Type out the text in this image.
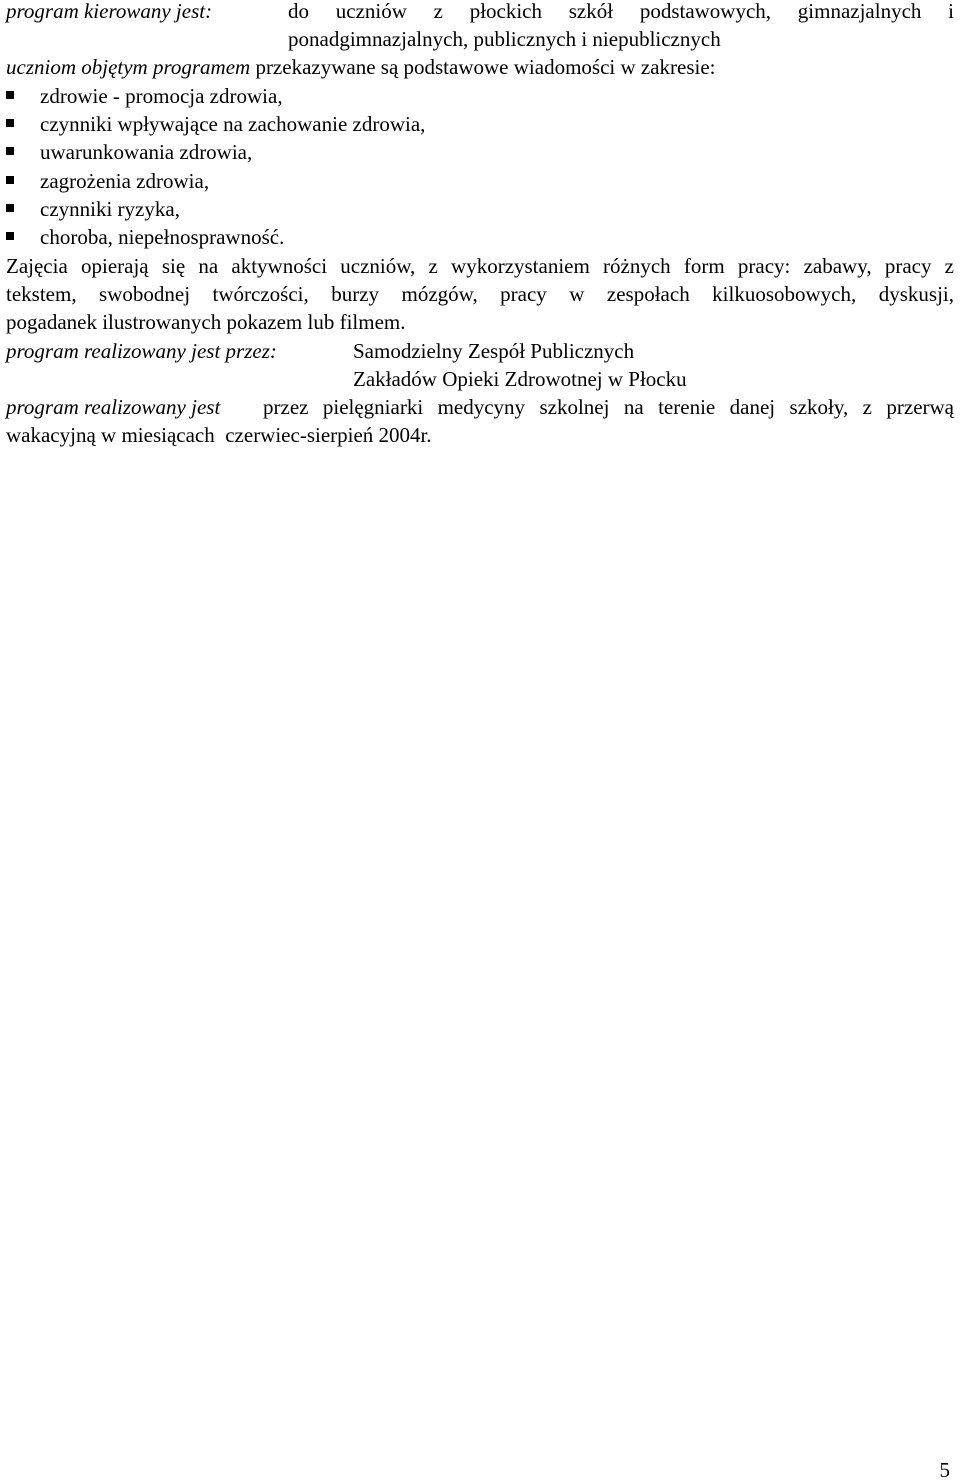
program kierowany jest:	do uczniów z płockich szkół podstawowych, gimnazjalnych i
ponadgimnazjalnych, publicznych i niepublicznych
uczniom objętym programem przekazywane są podstawowe wiadomości w zakresie:
zdrowie - promocja zdrowia,
czynniki wpływające na zachowanie zdrowia,
uwarunkowania zdrowia,
zagrożenia zdrowia,
czynniki ryzyka,
choroba, niepełnosprawność.
Zajęcia opierają się na aktywności uczniów, z wykorzystaniem różnych form pracy: zabawy, pracy z
tekstem, swobodnej twórczości, burzy mózgów, pracy w zespołach kilkuosobowych, dyskusji,
pogadanek ilustrowanych pokazem lub filmem.
program realizowany jest przez:	Samodzielny Zespół Publicznych
Zakładów Opieki Zdrowotnej w Płocku
program realizowany jest przez pielęgniarki medycyny szkolnej na terenie danej szkoły, z przerwą
wakacyjną w miesiącach  czerwiec-sierpień 2004r.
5
